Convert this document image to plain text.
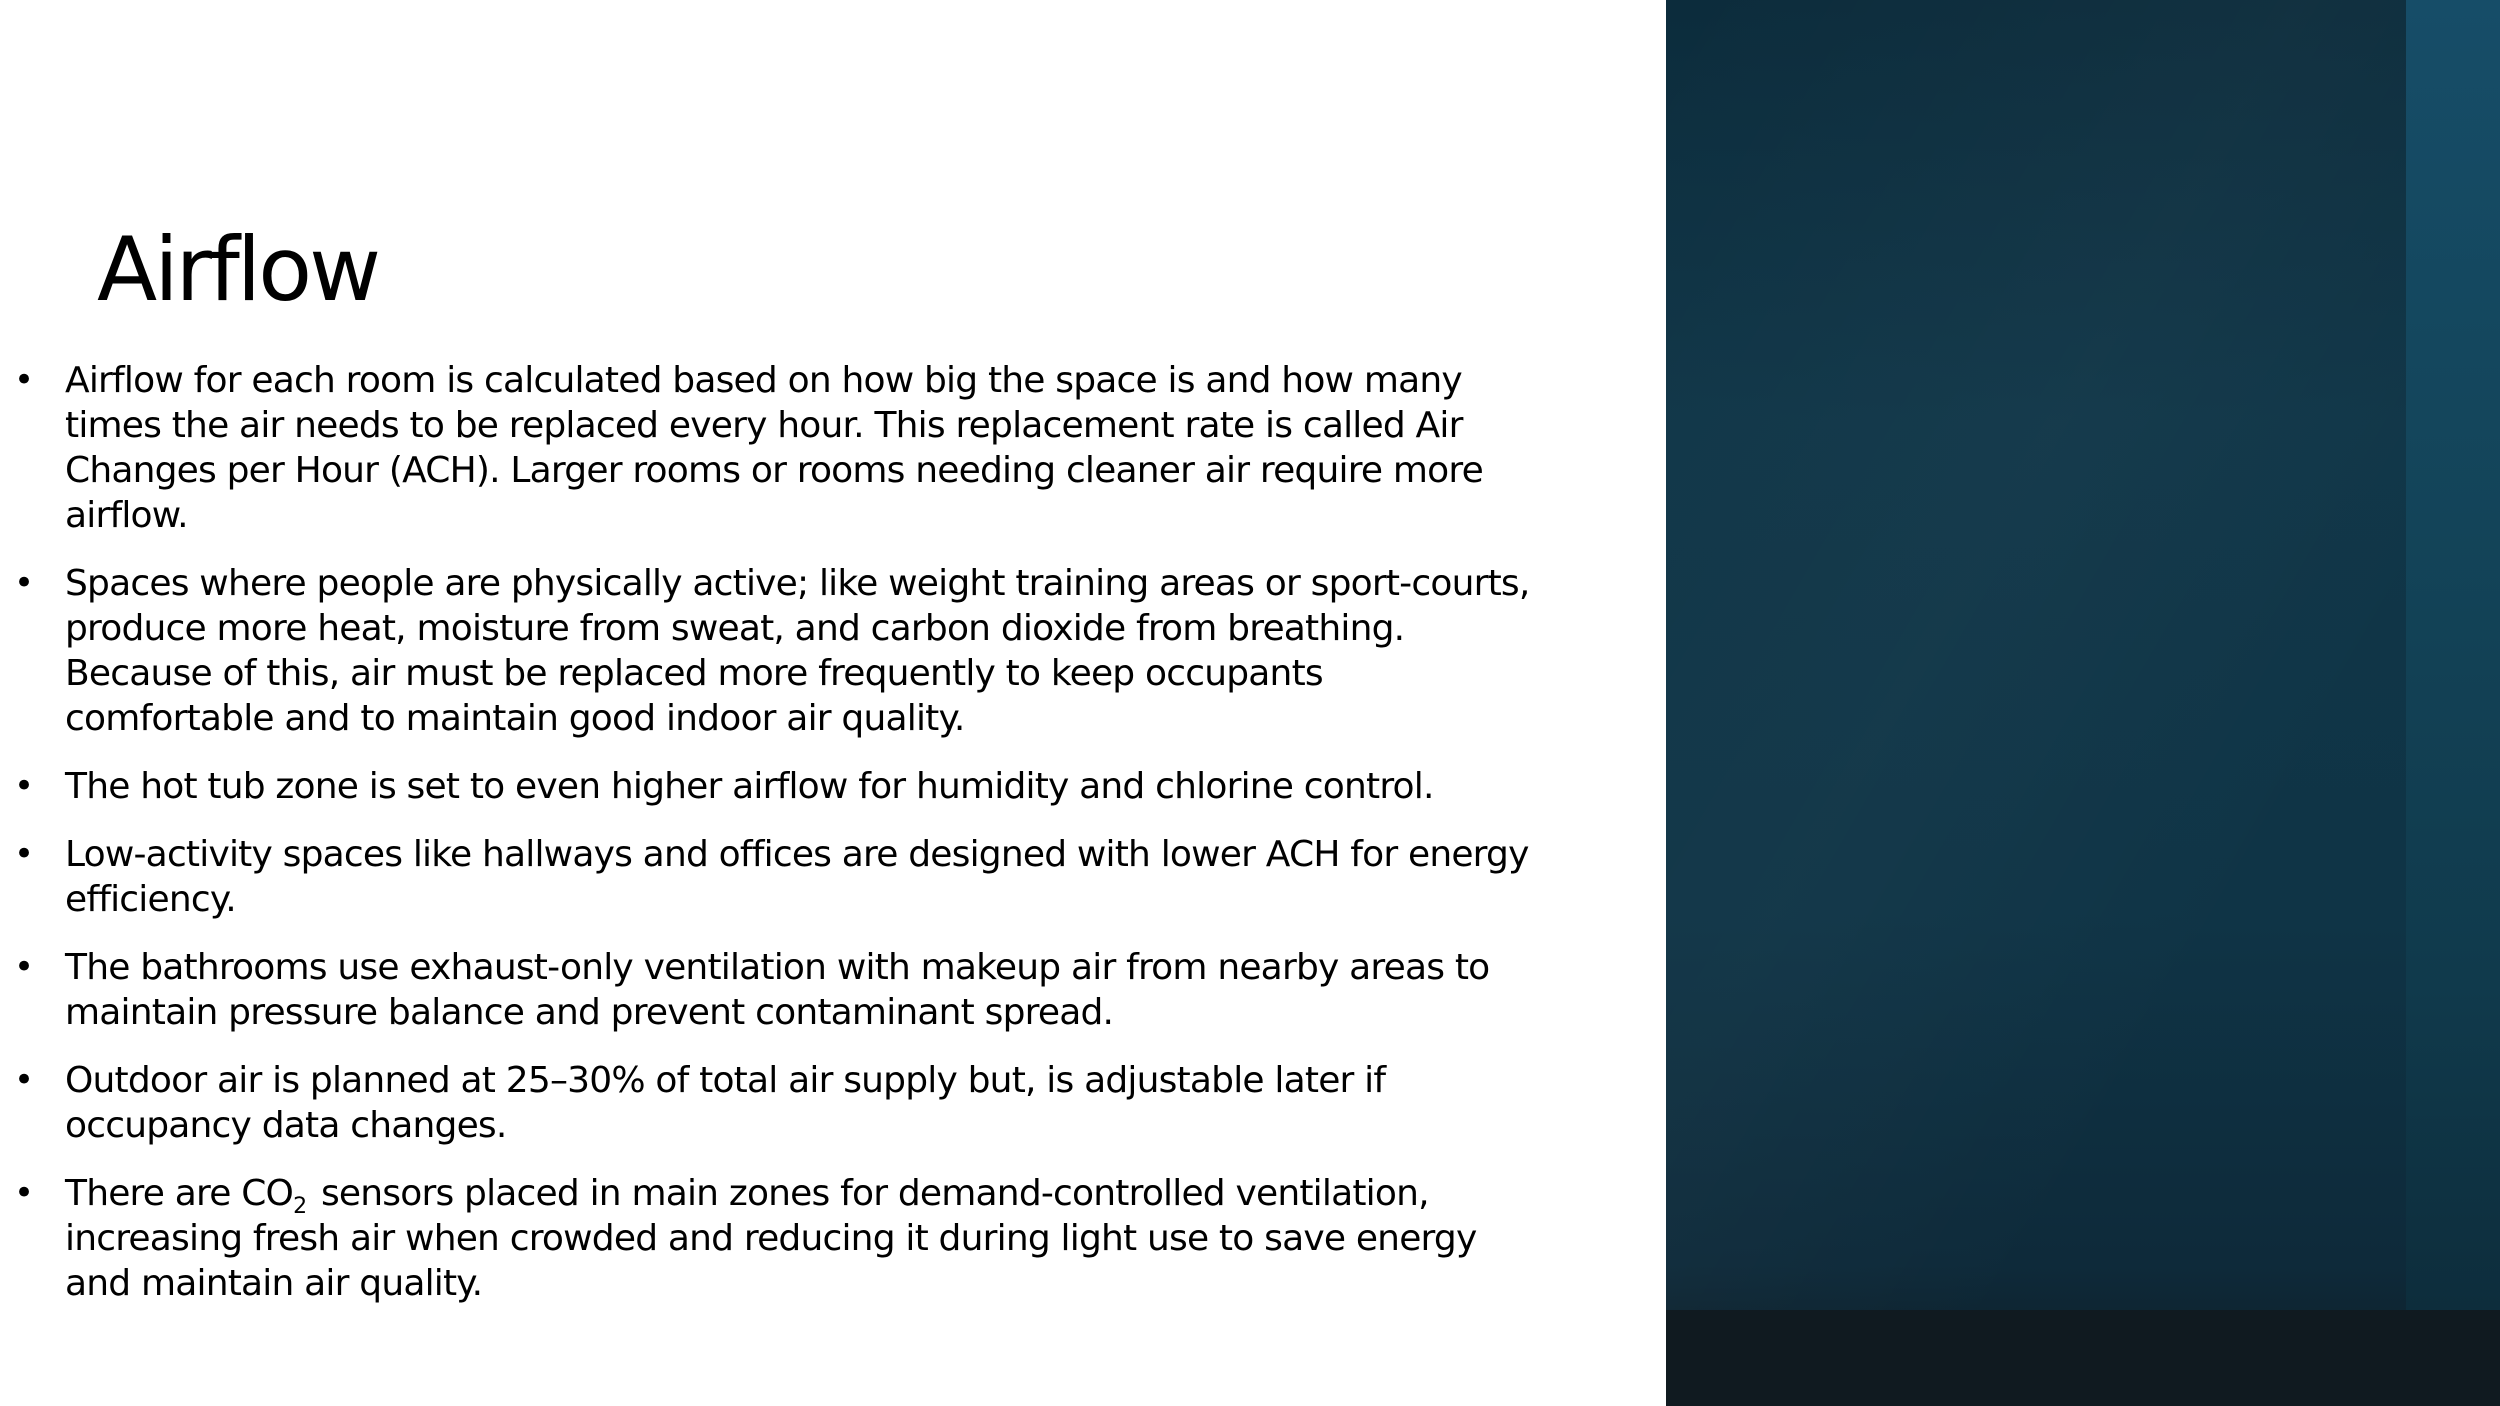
Airflow
• Airflow for each room is calculated based on how big the space is and how many times the air needs to be replaced every hour. This replacement rate is called Air Changes per Hour (ACH). Larger rooms or rooms needing cleaner air require more airflow.
• Spaces where people are physically active; like weight training areas or sport-courts, produce more heat, moisture from sweat, and carbon dioxide from breathing. Because of this, air must be replaced more frequently to keep occupants comfortable and to maintain good indoor air quality.
• The hot tub zone is set to even higher airflow for humidity and chlorine control.
• Low-activity spaces like hallways and offices are designed with lower ACH for energy efficiency.
• The bathrooms use exhaust-only ventilation with makeup air from nearby areas to maintain pressure balance and prevent contaminant spread.
• Outdoor air is planned at 25–30% of total air supply but, is adjustable later if occupancy data changes.
• There are $CO_2$ sensors placed in main zones for demand-controlled ventilation, increasing fresh air when crowded and reducing it during light use to save energy and maintain air quality.
